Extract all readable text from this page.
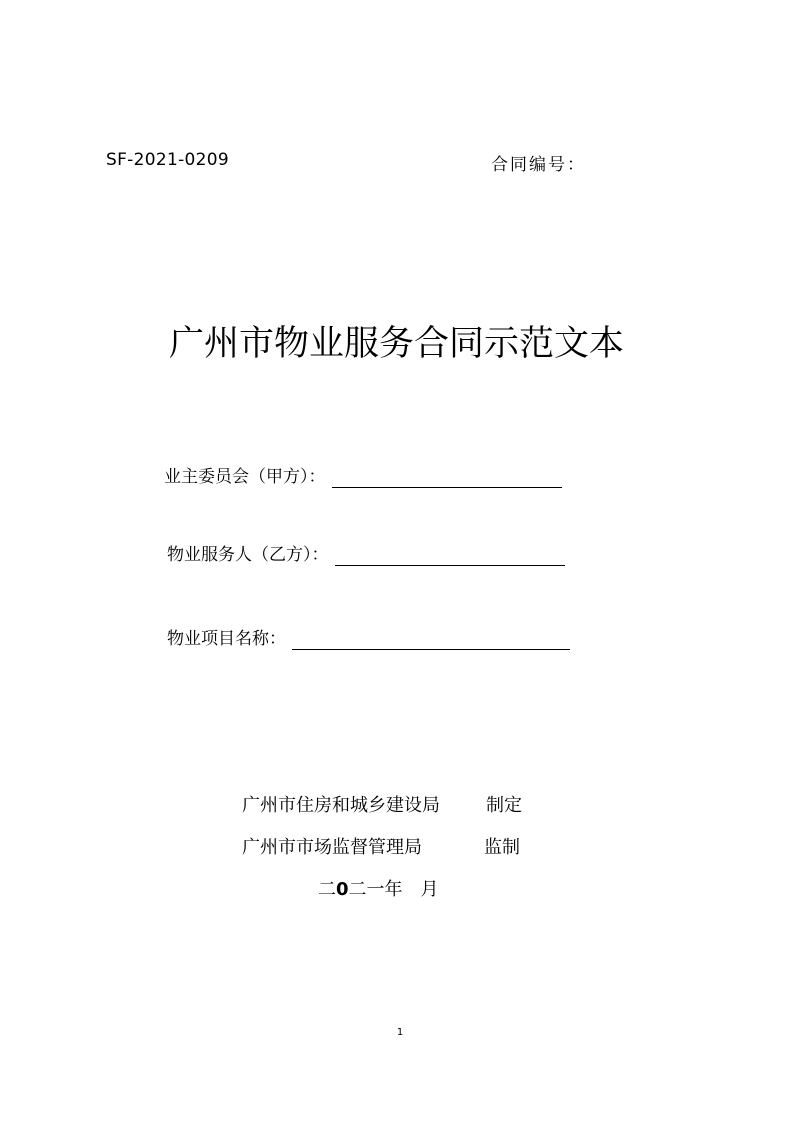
SF-2021-0209	合同编号：
广州市物业服务合同示范文本
业主委员会（甲方）：
物业服务人（乙方）：
物业项目名称：
广州市住房和城乡建设局	制定
广州市市场监督管理局	监制
二0二一年 月
1
